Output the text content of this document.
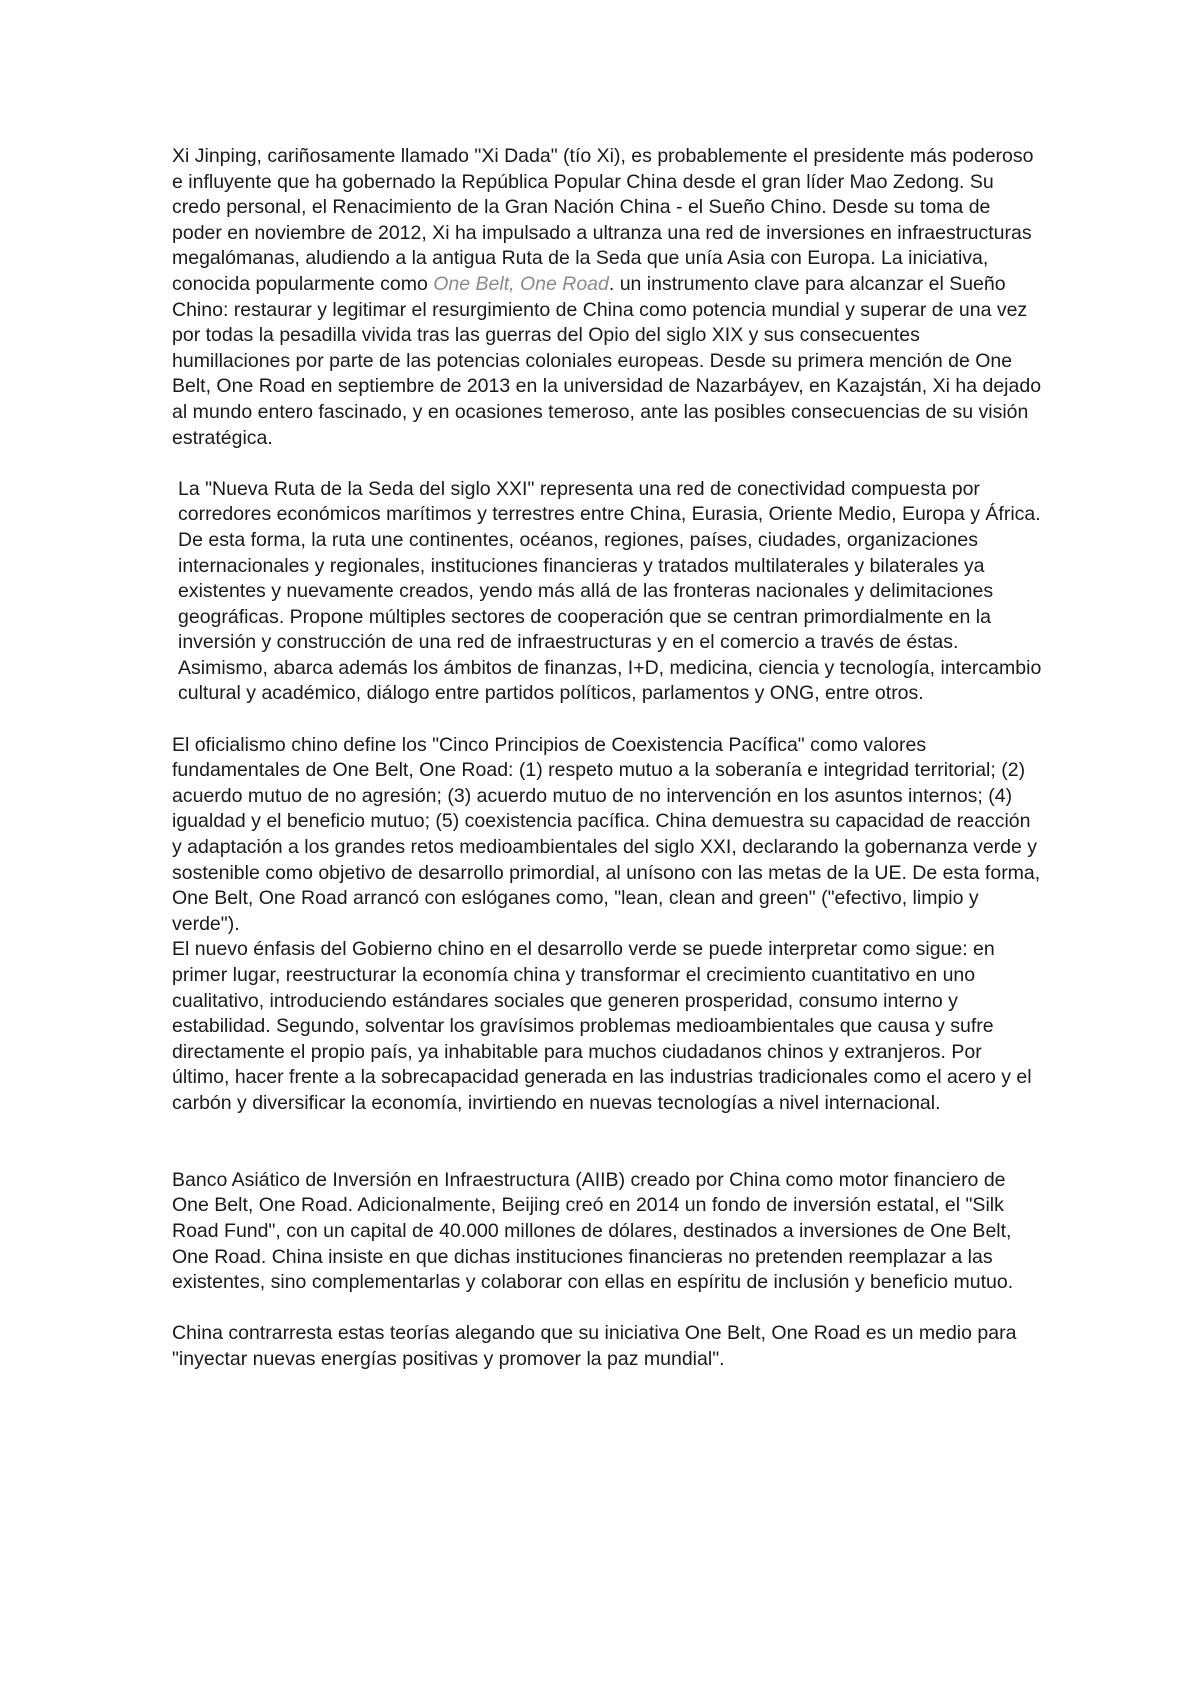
Xi Jinping, cariñosamente llamado "Xi Dada" (tío Xi), es probablemente el presidente más poderoso e influyente que ha gobernado la República Popular China desde el gran líder Mao Zedong. Su credo personal, el Renacimiento de la Gran Nación China - el Sueño Chino. Desde su toma de poder en noviembre de 2012, Xi ha impulsado a ultranza una red de inversiones en infraestructuras megalómanas, aludiendo a la antigua Ruta de la Seda que unía Asia con Europa. La iniciativa, conocida popularmente como One Belt, One Road. un instrumento clave para alcanzar el Sueño Chino: restaurar y legitimar el resurgimiento de China como potencia mundial y superar de una vez por todas la pesadilla vivida tras las guerras del Opio del siglo XIX y sus consecuentes humillaciones por parte de las potencias coloniales europeas. Desde su primera mención de One Belt, One Road en septiembre de 2013 en la universidad de Nazarbáyev, en Kazajstán, Xi ha dejado al mundo entero fascinado, y en ocasiones temeroso, ante las posibles consecuencias de su visión estratégica.

La "Nueva Ruta de la Seda del siglo XXI" representa una red de conectividad compuesta por corredores económicos marítimos y terrestres entre China, Eurasia, Oriente Medio, Europa y África. De esta forma, la ruta une continentes, océanos, regiones, países, ciudades, organizaciones internacionales y regionales, instituciones financieras y tratados multilaterales y bilaterales ya existentes y nuevamente creados, yendo más allá de las fronteras nacionales y delimitaciones geográficas. Propone múltiples sectores de cooperación que se centran primordialmente en la inversión y construcción de una red de infraestructuras y en el comercio a través de éstas. Asimismo, abarca además los ámbitos de finanzas, I+D, medicina, ciencia y tecnología, intercambio cultural y académico, diálogo entre partidos políticos, parlamentos y ONG, entre otros.

El oficialismo chino define los "Cinco Principios de Coexistencia Pacífica" como valores fundamentales de One Belt, One Road: (1) respeto mutuo a la soberanía e integridad territorial; (2) acuerdo mutuo de no agresión; (3) acuerdo mutuo de no intervención en los asuntos internos; (4) igualdad y el beneficio mutuo; (5) coexistencia pacífica. China demuestra su capacidad de reacción y adaptación a los grandes retos medioambientales del siglo XXI, declarando la gobernanza verde y sostenible como objetivo de desarrollo primordial, al unísono con las metas de la UE. De esta forma, One Belt, One Road arrancó con eslóganes como, "lean, clean and green" ("efectivo, limpio y verde").

El nuevo énfasis del Gobierno chino en el desarrollo verde se puede interpretar como sigue: en primer lugar, reestructurar la economía china y transformar el crecimiento cuantitativo en uno cualitativo, introduciendo estándares sociales que generen prosperidad, consumo interno y estabilidad. Segundo, solventar los gravísimos problemas medioambientales que causa y sufre directamente el propio país, ya inhabitable para muchos ciudadanos chinos y extranjeros. Por último, hacer frente a la sobrecapacidad generada en las industrias tradicionales como el acero y el carbón y diversificar la economía, invirtiendo en nuevas tecnologías a nivel internacional.

Banco Asiático de Inversión en Infraestructura (AIIB) creado por China como motor financiero de One Belt, One Road. Adicionalmente, Beijing creó en 2014 un fondo de inversión estatal, el "Silk Road Fund", con un capital de 40.000 millones de dólares, destinados a inversiones de One Belt, One Road. China insiste en que dichas instituciones financieras no pretenden reemplazar a las existentes, sino complementarlas y colaborar con ellas en espíritu de inclusión y beneficio mutuo.

China contrarresta estas teorías alegando que su iniciativa One Belt, One Road es un medio para "inyectar nuevas energías positivas y promover la paz mundial".
